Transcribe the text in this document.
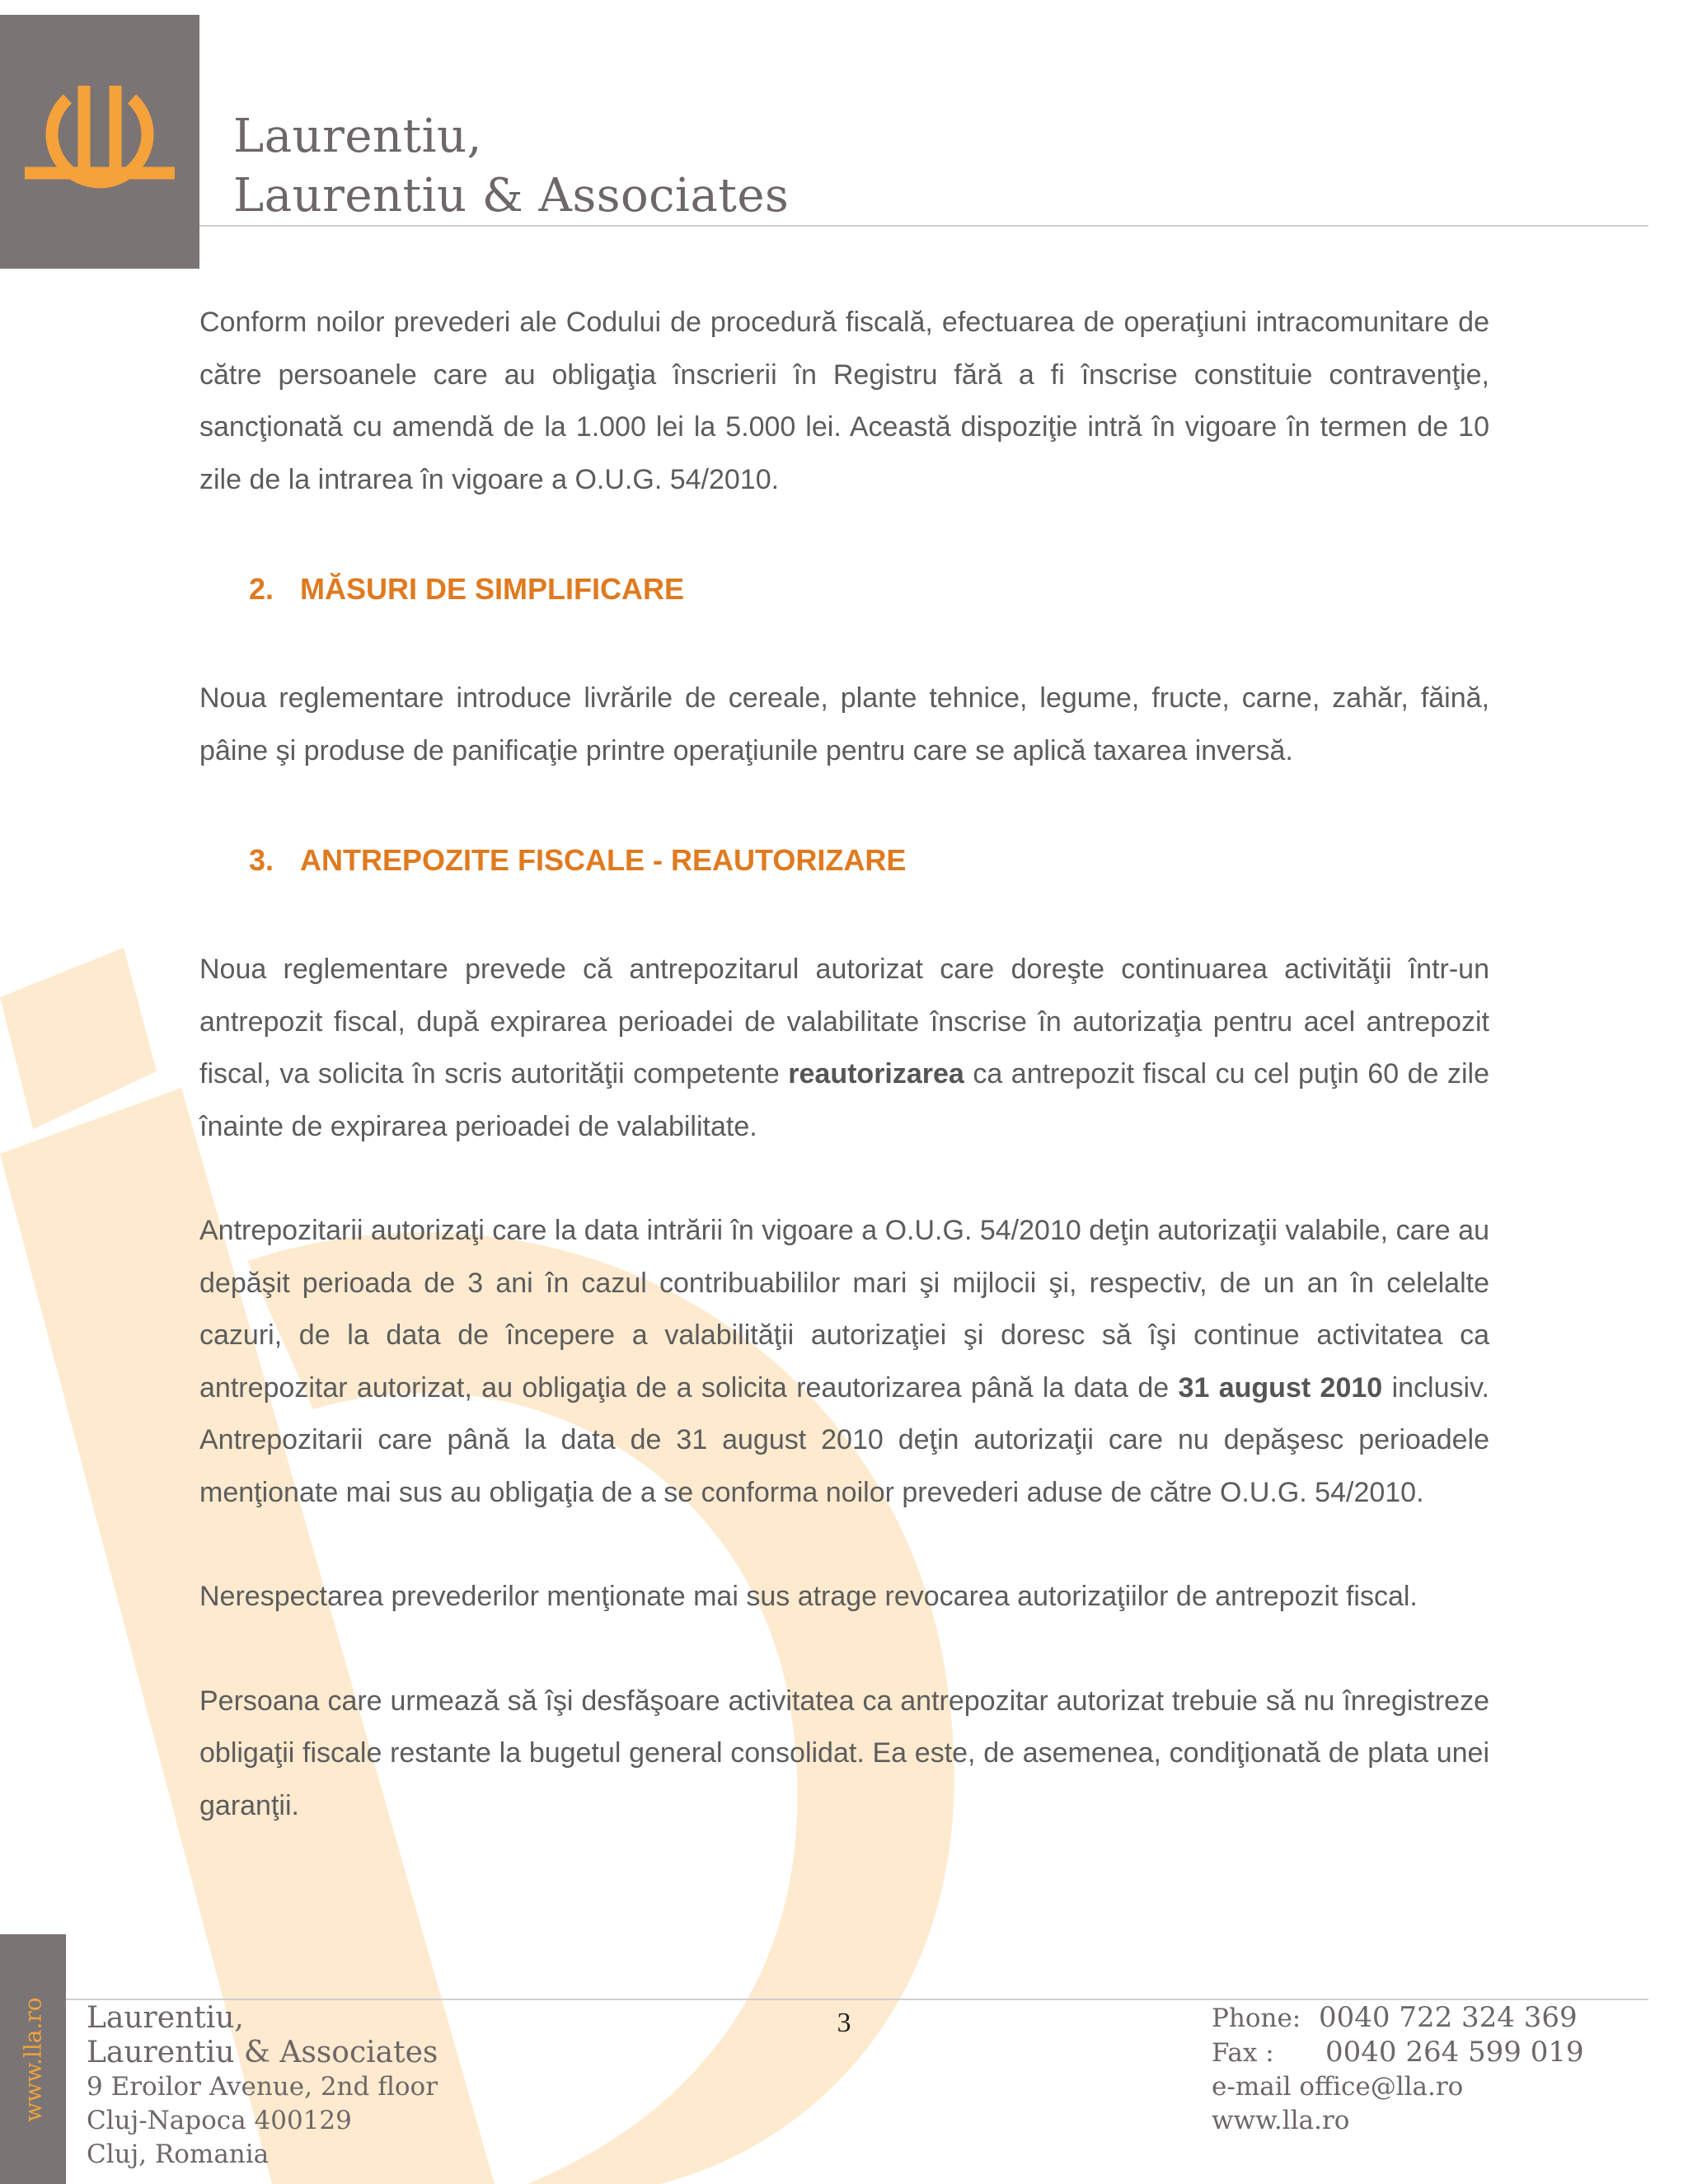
Laurentiu,
Laurentiu & Associates

Conform noilor prevederi ale Codului de procedură fiscală, efectuarea de operaţiuni intracomunitare de către persoanele care au obligaţia înscrierii în Registru fără a fi înscrise constituie contravenţie, sancţionată cu amendă de la 1.000 lei la 5.000 lei. Această dispoziţie intră în vigoare în termen de 10 zile de la intrarea în vigoare a O.U.G. 54/2010.

2. MĂSURI DE SIMPLIFICARE

Noua reglementare introduce livrările de cereale, plante tehnice, legume, fructe, carne, zahăr, făină, pâine şi produse de panificaţie printre operaţiunile pentru care se aplică taxarea inversă.

3. ANTREPOZITE FISCALE - REAUTORIZARE

Noua reglementare prevede că antrepozitarul autorizat care doreşte continuarea activităţii într-un antrepozit fiscal, după expirarea perioadei de valabilitate înscrise în autorizaţia pentru acel antrepozit fiscal, va solicita în scris autorităţii competente reautorizarea ca antrepozit fiscal cu cel puţin 60 de zile înainte de expirarea perioadei de valabilitate.

Antrepozitarii autorizaţi care la data intrării în vigoare a O.U.G. 54/2010 deţin autorizaţii valabile, care au depăşit perioada de 3 ani în cazul contribuabililor mari şi mijlocii şi, respectiv, de un an în celelalte cazuri, de la data de începere a valabilităţii autorizaţiei şi doresc să îşi continue activitatea ca antrepozitar autorizat, au obligaţia de a solicita reautorizarea până la data de 31 august 2010 inclusiv. Antrepozitarii care până la data de 31 august 2010 deţin autorizaţii care nu depăşesc perioadele menţionate mai sus au obligaţia de a se conforma noilor prevederi aduse de către O.U.G. 54/2010.

Nerespectarea prevederilor menţionate mai sus atrage revocarea autorizaţiilor de antrepozit fiscal.

Persoana care urmează să îşi desfăşoare activitatea ca antrepozitar autorizat trebuie să nu înregistreze obligaţii fiscale restante la bugetul general consolidat. Ea este, de asemenea, condiţionată de plata unei garanţii.

www.lla.ro Laurentiu,
Laurentiu & Associates
9 Eroilor Avenue, 2nd floor
Cluj-Napoca 400129
Cluj, Romania
3	Phone: 0040 722 324 369
Fax : 0040 264 599 019
e-mail office@lla.ro
www.lla.ro
